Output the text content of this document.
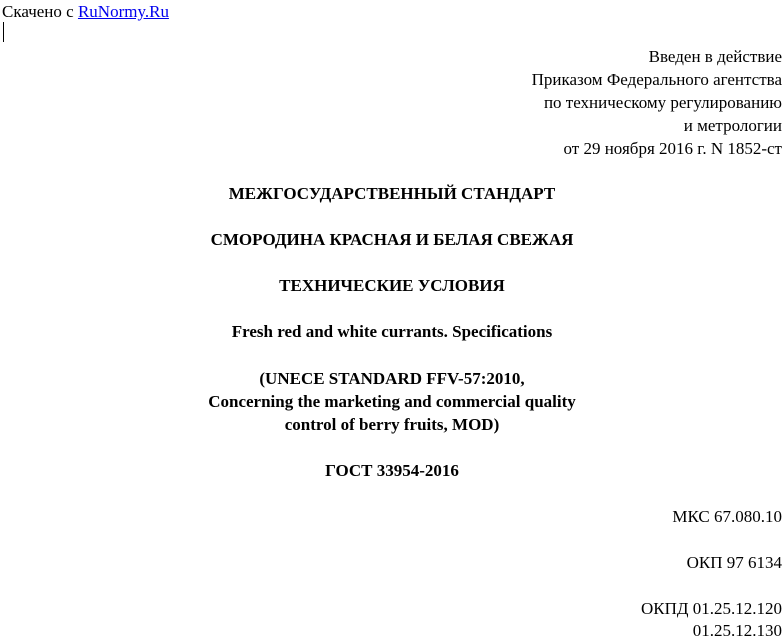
Скачено с RuNormy.Ru
Введен в действие
Приказом Федерального агентства
по техническому регулированию
и метрологии
от 29 ноября 2016 г. N 1852-ст
МЕЖГОСУДАРСТВЕННЫЙ СТАНДАРТ
СМОРОДИНА КРАСНАЯ И БЕЛАЯ СВЕЖАЯ
ТЕХНИЧЕСКИЕ УСЛОВИЯ
Fresh red and white currants. Specifications
(UNECE STANDARD FFV-57:2010,
Concerning the marketing and commercial quality
control of berry fruits, MOD)
ГОСТ 33954-2016
МКС 67.080.10
ОКП 97 6134
ОКПД 01.25.12.120
01.25.12.130
